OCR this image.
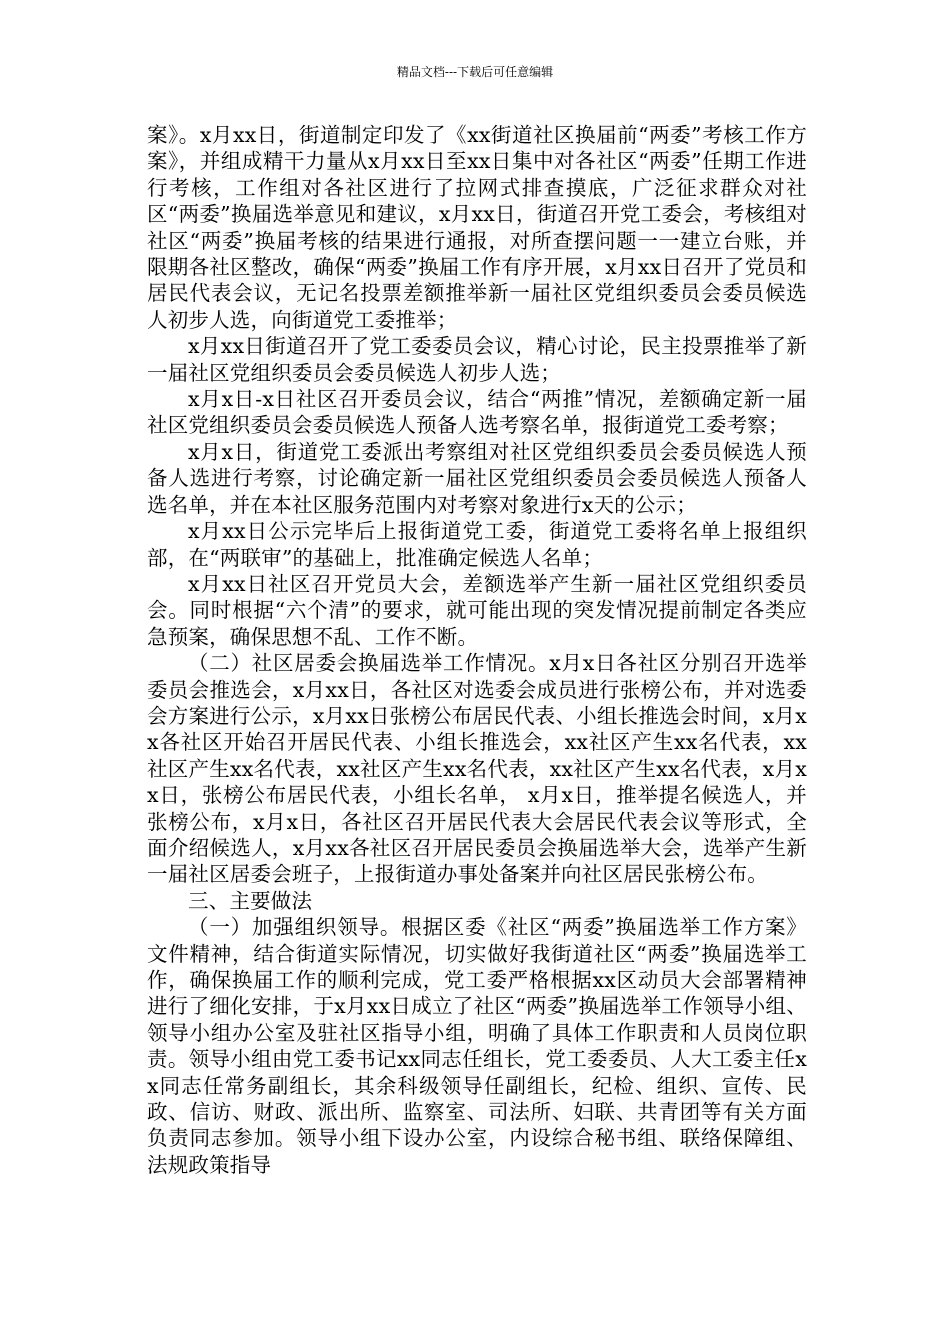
精品文档---下载后可任意编辑

案》。x月xx日，街道制定印发了《xx街道社区换届前“两委”考核工作方案》，并组成精干力量从x月xx日至xx日集中对各社区“两委”任期工作进行考核，工作组对各社区进行了拉网式排查摸底，广泛征求群众对社区“两委”换届选举意见和建议，x月xx日，街道召开党工委会，考核组对社区“两委”换届考核的结果进行通报，对所查摆问题一一建立台账，并限期各社区整改，确保“两委”换届工作有序开展，x月xx日召开了党员和居民代表会议，无记名投票差额推举新一届社区党组织委员会委员候选人初步人选，向街道党工委推举；

x月xx日街道召开了党工委委员会议，精心讨论，民主投票推举了新一届社区党组织委员会委员候选人初步人选；

x月x日-x日社区召开委员会议，结合“两推”情况，差额确定新一届社区党组织委员会委员候选人预备人选考察名单，报街道党工委考察；

x月x日，街道党工委派出考察组对社区党组织委员会委员候选人预备人选进行考察，讨论确定新一届社区党组织委员会委员候选人预备人选名单，并在本社区服务范围内对考察对象进行x天的公示；

x月xx日公示完毕后上报街道党工委，街道党工委将名单上报组织部，在“两联审”的基础上，批准确定候选人名单；

x月xx日社区召开党员大会，差额选举产生新一届社区党组织委员会。同时根据“六个清”的要求，就可能出现的突发情况提前制定各类应急预案，确保思想不乱、工作不断。

（二）社区居委会换届选举工作情况。x月x日各社区分别召开选举委员会推选会，x月xx日，各社区对选委会成员进行张榜公布，并对选委会方案进行公示，x月xx日张榜公布居民代表、小组长推选会时间，x月xx各社区开始召开居民代表、小组长推选会，xx社区产生xx名代表，xx社区产生xx名代表，xx社区产生xx名代表，xx社区产生xx名代表，x月xx日，张榜公布居民代表，小组长名单， x月x日，推举提名候选人，并张榜公布，x月x日，各社区召开居民代表大会居民代表会议等形式，全面介绍候选人，x月xx各社区召开居民委员会换届选举大会，选举产生新一届社区居委会班子，上报街道办事处备案并向社区居民张榜公布。

三、主要做法

（一）加强组织领导。根据区委《社区“两委”换届选举工作方案》文件精神，结合街道实际情况，切实做好我街道社区“两委”换届选举工作，确保换届工作的顺利完成，党工委严格根据xx区动员大会部署精神进行了细化安排，于x月xx日成立了社区“两委”换届选举工作领导小组、领导小组办公室及驻社区指导小组，明确了具体工作职责和人员岗位职责。领导小组由党工委书记xx同志任组长，党工委委员、人大工委主任xx同志任常务副组长，其余科级领导任副组长，纪检、组织、宣传、民政、信访、财政、派出所、监察室、司法所、妇联、共青团等有关方面负责同志参加。领导小组下设办公室，内设综合秘书组、联络保障组、法规政策指导
